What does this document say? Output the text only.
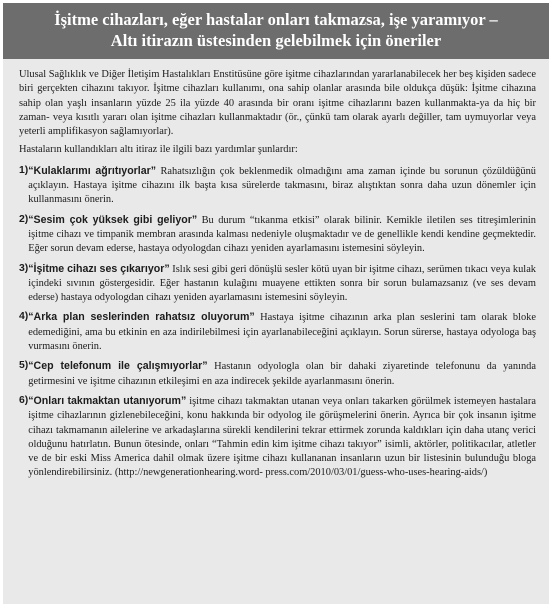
İşitme cihazları, eğer hastalar onları takmazsa, işe yaramıyor –
Altı itirazın üstesinden gelebilmek için öneriler

Ulusal Sağlıklık ve Diğer İletişim Hastalıkları Enstitüsüne göre işitme cihazlarından yararlanabilecek her beş kişiden sadece biri gerçekten cihazını takıyor. İşitme cihazları kullanımı, ona sahip olanlar arasında bile oldukça düşük: İşitme cihazına sahip olan yaşlı insanların yüzde 25 ila yüzde 40 arasında bir oranı işitme cihazlarını bazen kullanmakta-ya da hiç bir zaman- veya kısıtlı yararı olan işitme cihazları kullanmaktadır (ör., çünkü tam olarak ayarlı değiller, tam uymuyorlar veya yeterli amplifikasyon sağlamıyorlar).

Hastaların kullandıkları altı itiraz ile ilgili bazı yardımlar şunlardır:

1) “Kulaklarımı ağrıtıyorlar” Rahatsızlığın çok beklenmedik olmadığını ama zaman içinde bu sorunun çözüldüğünü açıklayın. Hastaya işitme cihazını ilk başta kısa sürelerde takmasını, biraz alıştıktan sonra daha uzun dönemler için kullanmasını önerin.
2) “Sesim çok yüksek gibi geliyor” Bu durum “tıkanma etkisi” olarak bilinir. Kemikle iletilen ses titreşimlerinin işitme cihazı ve timpanik membran arasında kalması nedeniyle oluşmaktadır ve de genellikle kendi kendine geçmektedir. Eğer sorun devam ederse, hastaya odyologdan cihazı yeniden ayarlamasını istemesini söyleyin.
3) “İşitme cihazı ses çıkarıyor” Islık sesi gibi geri dönüşlü sesler kötü uyan bir işitme cihazı, serümen tıkacı veya kulak içindeki sıvının göstergesidir. Eğer hastanın kulağını muayene ettikten sonra bir sorun bulamazsanız (ve ses devam ederse) hastaya odyologdan cihazı yeniden ayarlamasını istemesini söyleyin.
4) “Arka plan seslerinden rahatsız oluyorum” Hastaya işitme cihazının arka plan seslerini tam olarak bloke edemediğini, ama bu etkinin en aza indirilebilmesi için ayarlanabileceğini açıklayın. Sorun sürerse, hastaya odyologa baş vurmasını önerin.
5) “Cep telefonum ile çalışmıyorlar” Hastanın odyologla olan bir dahaki ziyaretinde telefonunu da yanında getirmesini ve işitme cihazının etkileşimi en aza indirecek şekilde ayarlanmasını önerin.
6) “Onları takmaktan utanıyorum” işitme cihazı takmaktan utanan veya onları takarken görülmek istemeyen hastalara işitme cihazlarının gizlenebileceğini, konu hakkında bir odyolog ile görüşmelerini önerin. Ayrıca bir çok insanın işitme cihazı takmamanın ailelerine ve arkadaşlarına sürekli kendilerini tekrar ettirmek zorunda kaldıkları için daha utanç verici olduğunu hatırlatın. Bunun ötesinde, onları “Tahmin edin kim işitme cihazı takıyor” isimli, aktörler, politikacılar, atletler ve de bir eski Miss America dahil olmak üzere işitme cihazı kullananan insanların uzun bir listesinin bulunduğu bloga yönlendirebilirsiniz. (http://newgenerationhearing.word- press.com/2010/03/01/guess-who-uses-hearing-aids/)
